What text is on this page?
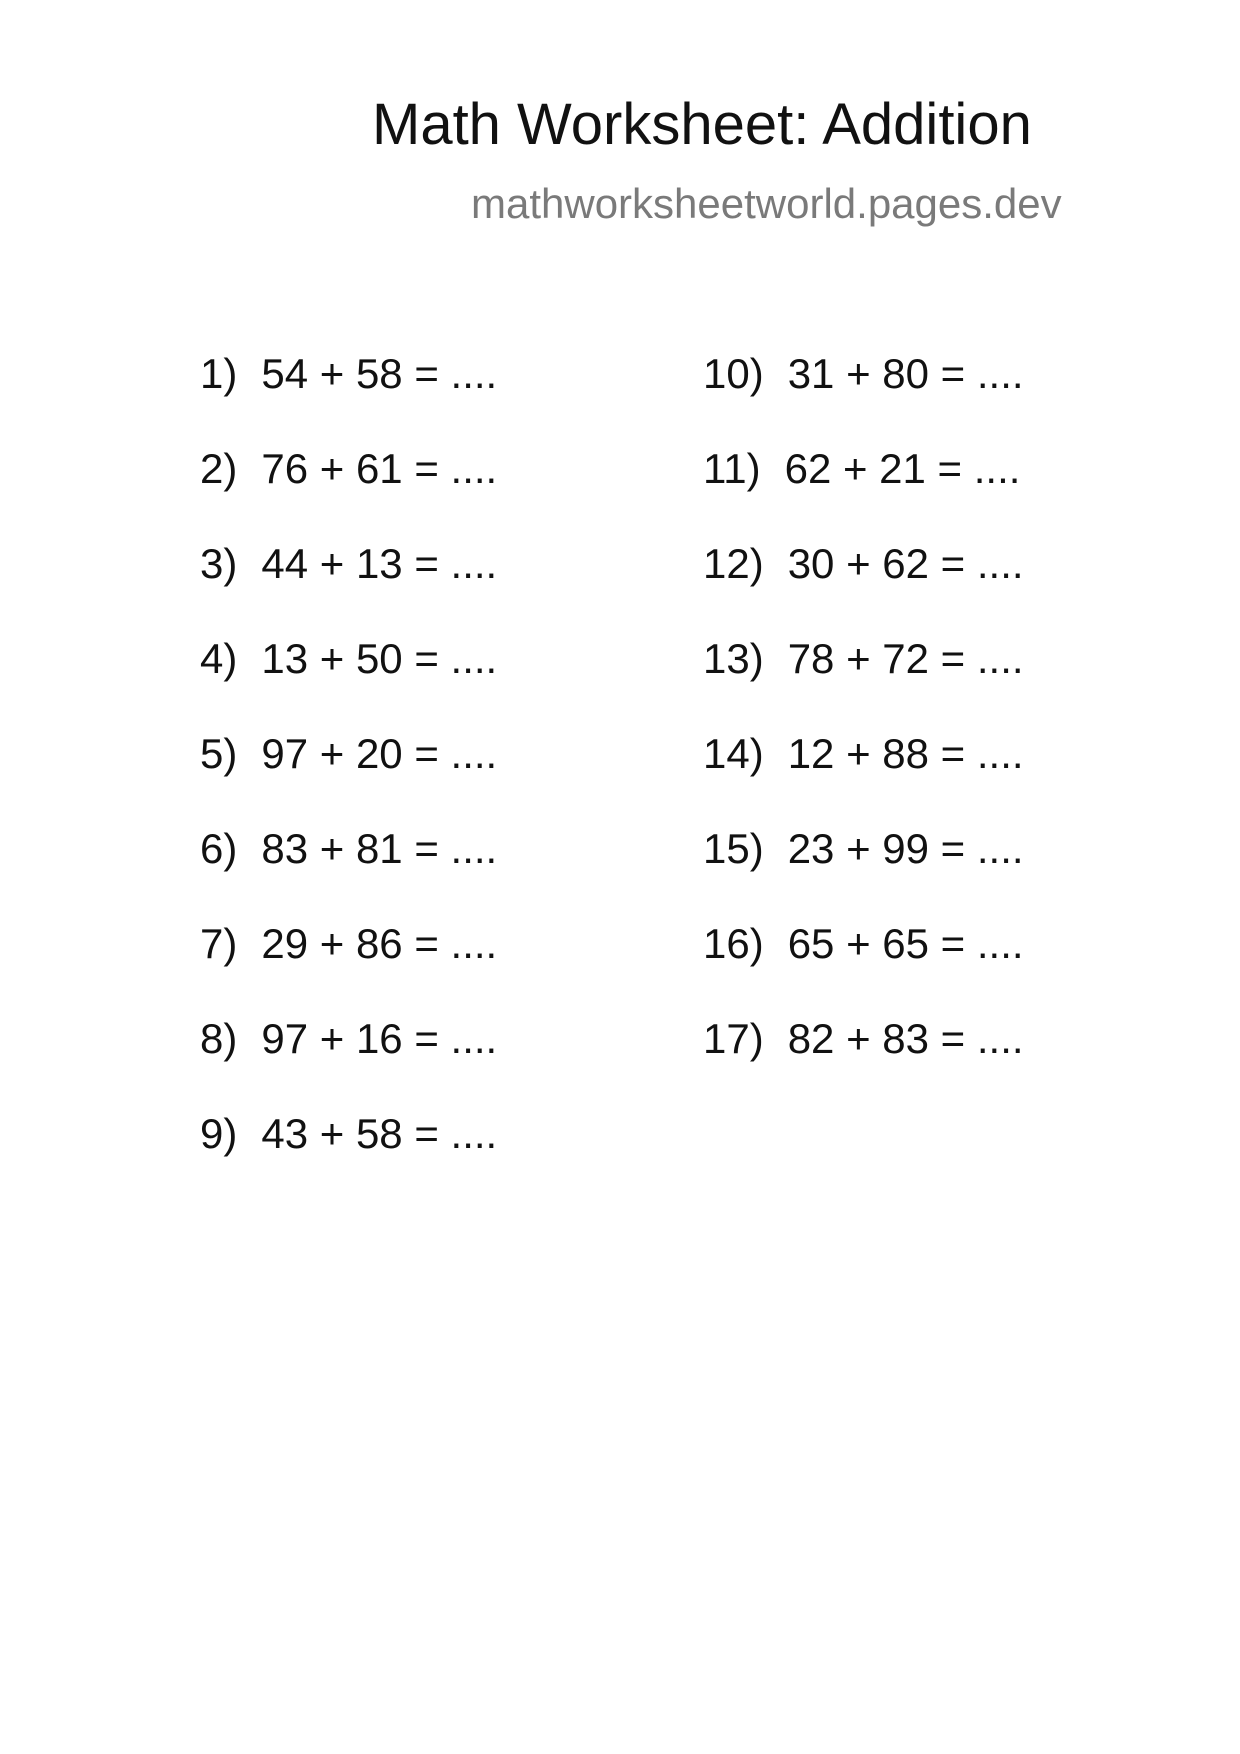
Math Worksheet: Addition
mathworksheetworld.pages.dev
1) 54 + 58 = ....
2) 76 + 61 = ....
3) 44 + 13 = ....
4) 13 + 50 = ....
5) 97 + 20 = ....
6) 83 + 81 = ....
7) 29 + 86 = ....
8) 97 + 16 = ....
9) 43 + 58 = ....
10) 31 + 80 = ....
11) 62 + 21 = ....
12) 30 + 62 = ....
13) 78 + 72 = ....
14) 12 + 88 = ....
15) 23 + 99 = ....
16) 65 + 65 = ....
17) 82 + 83 = ....
